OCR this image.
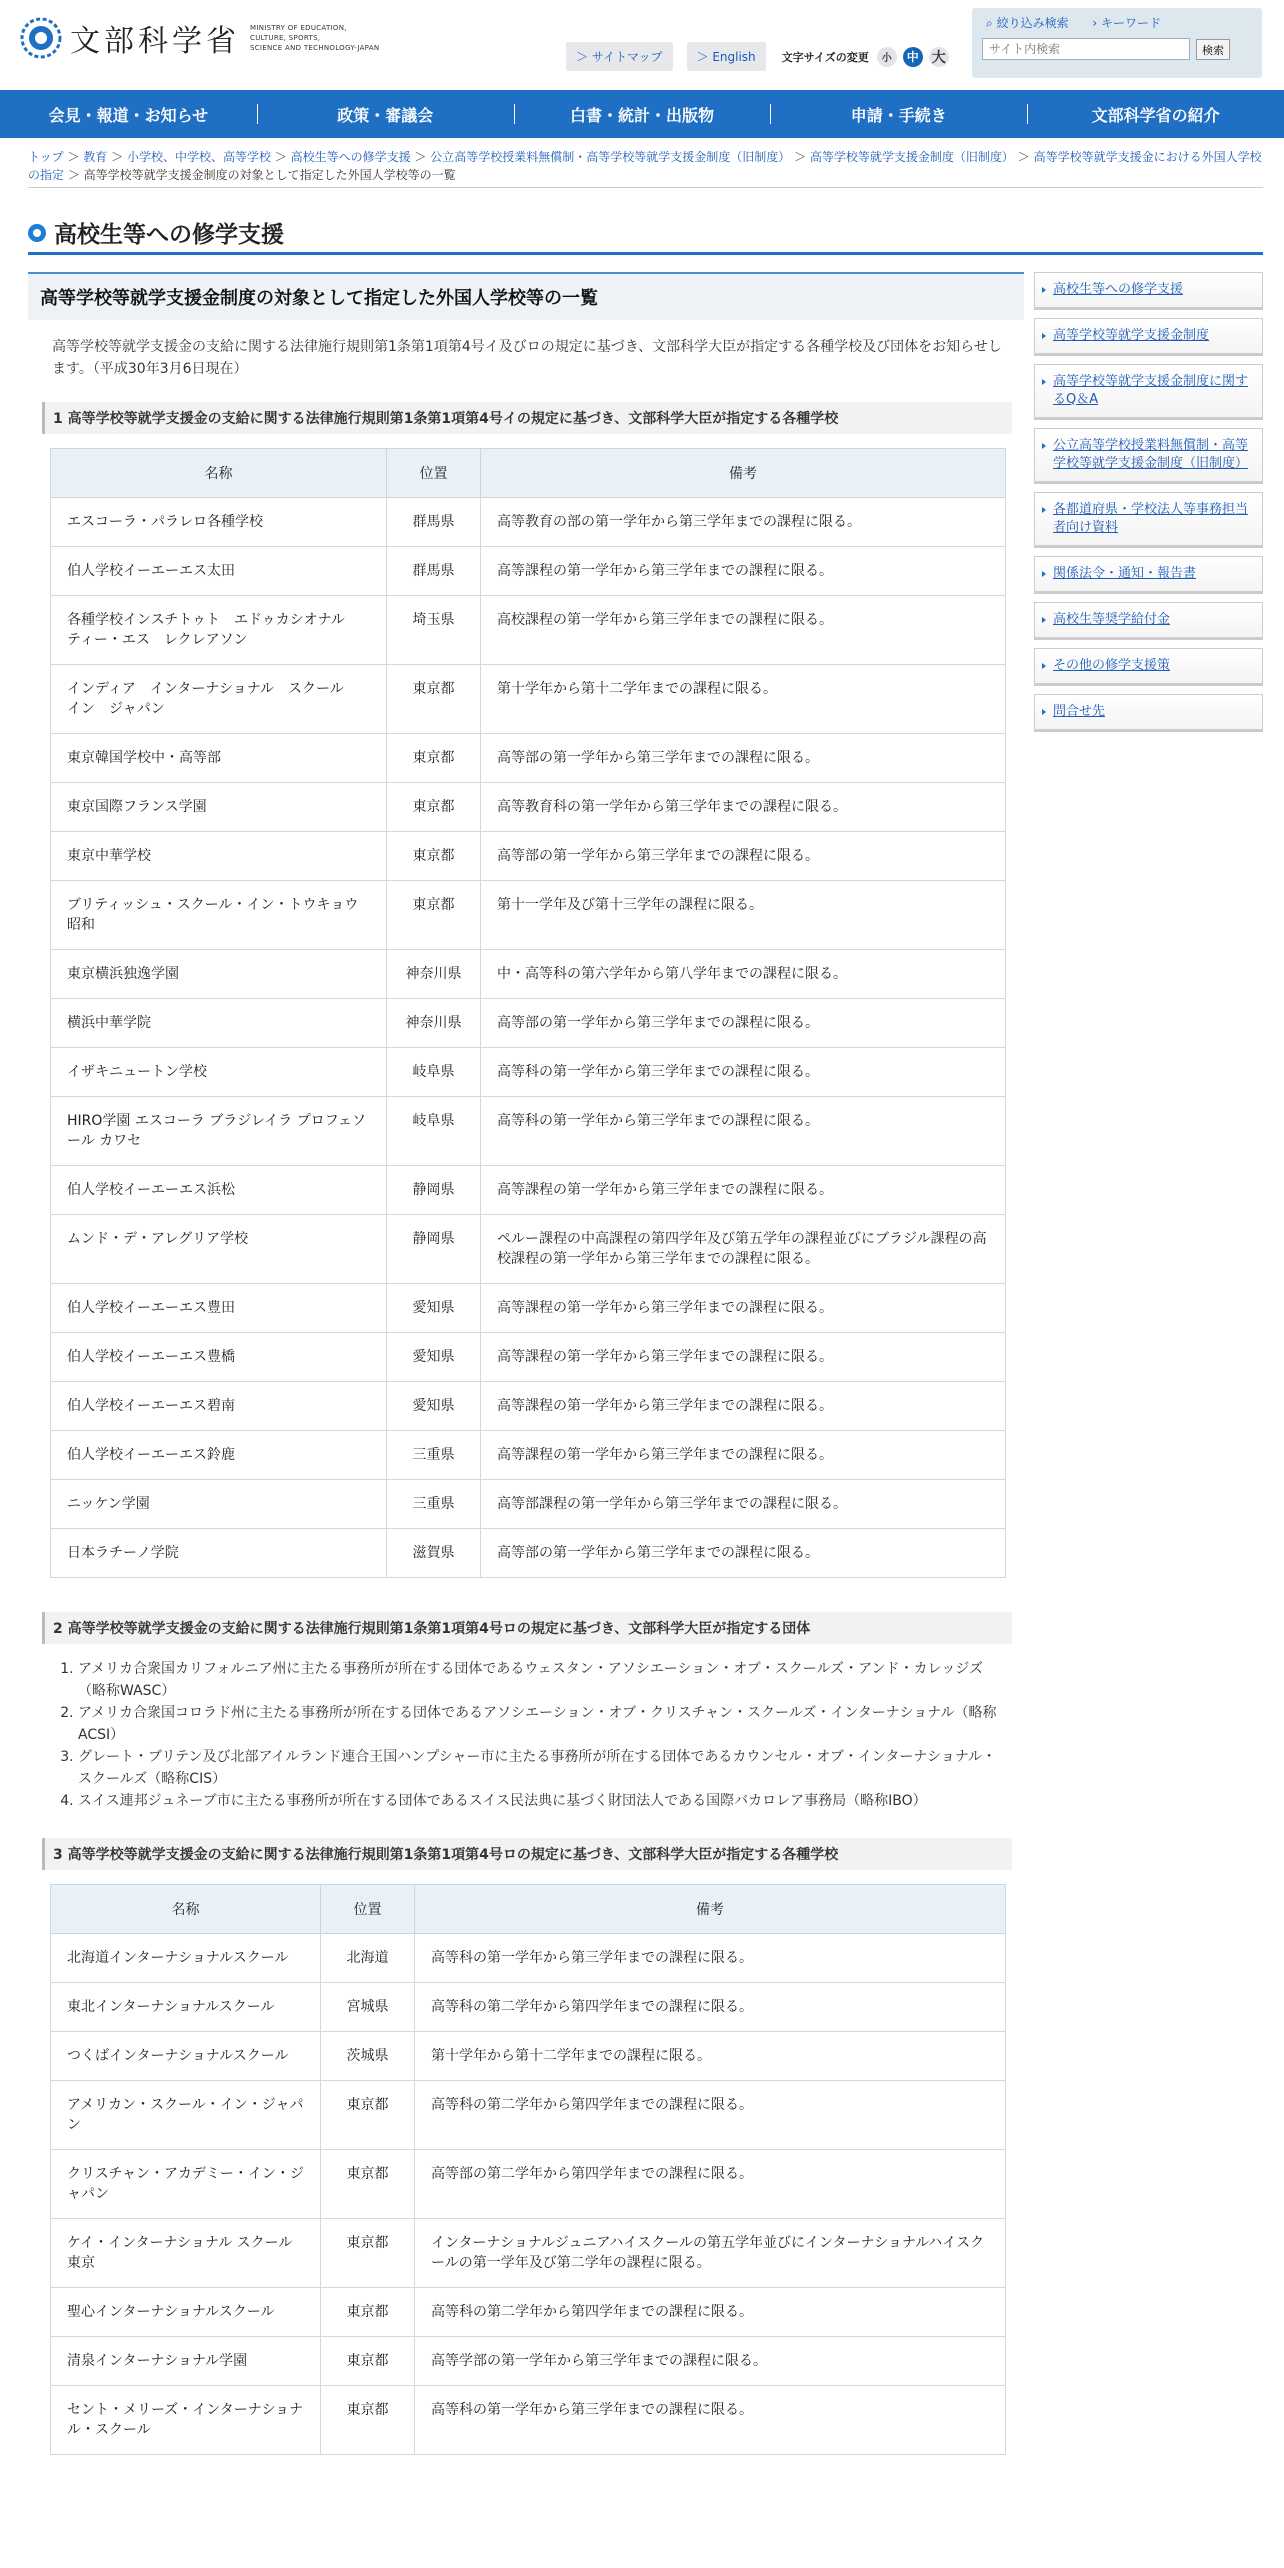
文部科学省 MINISTRY OF EDUCATION,
CULTURE, SPORTS,
SCIENCE AND TECHNOLOGY-JAPAN
＞ サイトマップ	＞ English	文字サイズの変更	小	中 大
⌕ 絞り込み検索 › キーワード
サイト内検索
検索
会見・報道・お知らせ	政策・審議会	白書・統計・出版物	申請・手続き	文部科学省の紹介
トップ ＞ 教育 ＞ 小学校、中学校、高等学校 ＞ 高校生等への修学支援 ＞ 公立高等学校授業料無償制・高等学校等就学支援金制度（旧制度） ＞ 高等学校等就学支援金制度（旧制度） ＞ 高等学校等就学支援金における外国人学校の指定 ＞ 高等学校等就学支援金制度の対象として指定した外国人学校等の一覧
高校生等への修学支援
高等学校等就学支援金制度の対象として指定した外国人学校等の一覧

高等学校等就学支援金の支給に関する法律施行規則第1条第1項第4号イ及びロの規定に基づき、文部科学大臣が指定する各種学校及び団体をお知らせします。（平成30年3月6日現在）

1 高等学校等就学支援金の支給に関する法律施行規則第1条第1項第4号イの規定に基づき、文部科学大臣が指定する各種学校
名称	位置	備考
エスコーラ・パラレロ各種学校	群馬県	高等教育の部の第一学年から第三学年までの課程に限る。
伯人学校イーエーエス太田	群馬県	高等課程の第一学年から第三学年までの課程に限る。
各種学校インスチトゥト　エドゥカシオナル　ティー・エス　レクレアソン	埼玉県	高校課程の第一学年から第三学年までの課程に限る。
インディア　インターナショナル　スクール　イン　ジャパン	東京都	第十学年から第十二学年までの課程に限る。
東京韓国学校中・高等部	東京都	高等部の第一学年から第三学年までの課程に限る。
東京国際フランス学園	東京都	高等教育科の第一学年から第三学年までの課程に限る。
東京中華学校	東京都	高等部の第一学年から第三学年までの課程に限る。
ブリティッシュ・スクール・イン・トウキョウ昭和	東京都	第十一学年及び第十三学年の課程に限る。
東京横浜独逸学園	神奈川県	中・高等科の第六学年から第八学年までの課程に限る。
横浜中華学院	神奈川県	高等部の第一学年から第三学年までの課程に限る。
イザキニュートン学校	岐阜県	高等科の第一学年から第三学年までの課程に限る。
HIRO学園 エスコーラ ブラジレイラ プロフェソール カワセ	岐阜県	高等科の第一学年から第三学年までの課程に限る。
伯人学校イーエーエス浜松	静岡県	高等課程の第一学年から第三学年までの課程に限る。
ムンド・デ・アレグリア学校	静岡県	ペルー課程の中高課程の第四学年及び第五学年の課程並びにブラジル課程の高校課程の第一学年から第三学年までの課程に限る。
伯人学校イーエーエス豊田	愛知県	高等課程の第一学年から第三学年までの課程に限る。
伯人学校イーエーエス豊橋	愛知県	高等課程の第一学年から第三学年までの課程に限る。
伯人学校イーエーエス碧南	愛知県	高等課程の第一学年から第三学年までの課程に限る。
伯人学校イーエーエス鈴鹿	三重県	高等課程の第一学年から第三学年までの課程に限る。
ニッケン学園	三重県	高等部課程の第一学年から第三学年までの課程に限る。
日本ラチーノ学院	滋賀県	高等部の第一学年から第三学年までの課程に限る。
2 高等学校等就学支援金の支給に関する法律施行規則第1条第1項第4号ロの規定に基づき、文部科学大臣が指定する団体
1. アメリカ合衆国カリフォルニア州に主たる事務所が所在する団体であるウェスタン・アソシエーション・オブ・スクールズ・アンド・カレッジズ（略称WASC）
2. アメリカ合衆国コロラド州に主たる事務所が所在する団体であるアソシエーション・オブ・クリスチャン・スクールズ・インターナショナル（略称ACSI）
3. グレート・ブリテン及び北部アイルランド連合王国ハンプシャー市に主たる事務所が所在する団体であるカウンセル・オブ・インターナショナル・スクールズ（略称CIS）
4. スイス連邦ジュネーブ市に主たる事務所が所在する団体であるスイス民法典に基づく財団法人である国際バカロレア事務局（略称IBO）
3 高等学校等就学支援金の支給に関する法律施行規則第1条第1項第4号ロの規定に基づき、文部科学大臣が指定する各種学校
名称	位置	備考
北海道インターナショナルスクール	北海道	高等科の第一学年から第三学年までの課程に限る。
東北インターナショナルスクール	宮城県	高等科の第二学年から第四学年までの課程に限る。
つくばインターナショナルスクール	茨城県	第十学年から第十二学年までの課程に限る。
アメリカン・スクール・イン・ジャパン	東京都	高等科の第二学年から第四学年までの課程に限る。
クリスチャン・アカデミー・イン・ジャパン	東京都	高等部の第二学年から第四学年までの課程に限る。
ケイ・インターナショナル スクール東京	東京都	インターナショナルジュニアハイスクールの第五学年並びにインターナショナルハイスクールの第一学年及び第二学年の課程に限る。
聖心インターナショナルスクール	東京都	高等科の第二学年から第四学年までの課程に限る。
清泉インターナショナル学園	東京都	高等学部の第一学年から第三学年までの課程に限る。
セント・メリーズ・インターナショナル・スクール	東京都	高等科の第一学年から第三学年までの課程に限る。
高校生等への修学支援
高等学校等就学支援金制度
高等学校等就学支援金制度に関するQ＆A
公立高等学校授業料無償制・高等学校等就学支援金制度（旧制度）
各都道府県・学校法人等事務担当者向け資料
関係法令・通知・報告書
高校生等奨学給付金
その他の修学支援策
問合せ先
